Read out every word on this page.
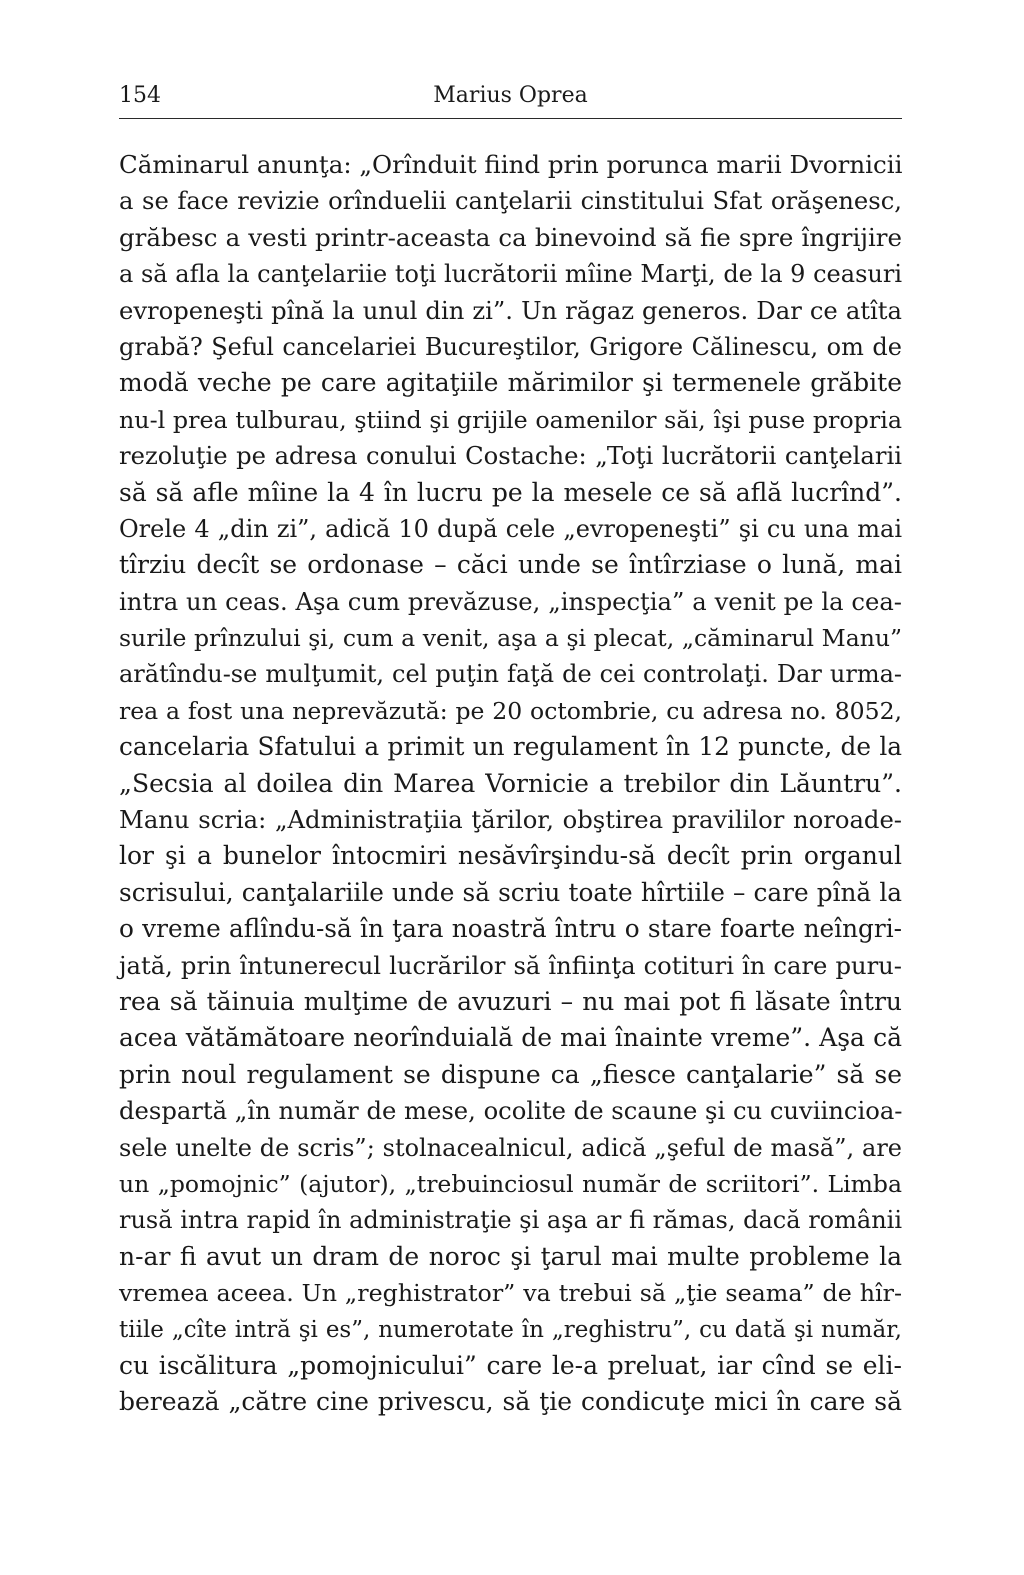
154	Marius Oprea
Căminarul anunţa: „Orînduit fiind prin porunca marii Dvornicii
a se face revizie orînduelii canţelarii cinstitului Sfat orăşenesc,
grăbesc a vesti printr-aceasta ca binevoind să fie spre îngrijire
a să afla la canţelariie toţi lucrătorii mîine Marţi, de la 9 ceasuri
evropeneşti pînă la unul din zi”. Un răgaz generos. Dar ce atîta
grabă? Şeful cancelariei Bucureştilor, Grigore Călinescu, om de
modă veche pe care agitaţiile mărimilor şi termenele grăbite
nu-l prea tulburau, ştiind şi grijile oamenilor săi, îşi puse propria
rezoluţie pe adresa conului Costache: „Toţi lucrătorii canţelarii
să să afle mîine la 4 în lucru pe la mesele ce să află lucrînd”.
Orele 4 „din zi”, adică 10 după cele „evropeneşti” şi cu una mai
tîrziu decît se ordonase – căci unde se întîrziase o lună, mai
intra un ceas. Aşa cum prevăzuse, „inspecţia” a venit pe la cea-
surile prînzului şi, cum a venit, aşa a şi plecat, „căminarul Manu”
arătîndu-se mulţumit, cel puţin faţă de cei controlaţi. Dar urma-
rea a fost una neprevăzută: pe 20 octombrie, cu adresa no. 8052,
cancelaria Sfatului a primit un regulament în 12 puncte, de la
„Secsia al doilea din Marea Vornicie a trebilor din Lăuntru”.
Manu scria: „Administraţiia ţărilor, obştirea pravililor noroade-
lor şi a bunelor întocmiri nesăvîrşindu-să decît prin organul
scrisului, canţalariile unde să scriu toate hîrtiile – care pînă la
o vreme aflîndu-să în ţara noastră întru o stare foarte neîngri-
jată, prin întunerecul lucrărilor să înfiinţa cotituri în care puru-
rea să tăinuia mulţime de avuzuri – nu mai pot fi lăsate întru
acea vătămătoare neorînduială de mai înainte vreme”. Aşa că
prin noul regulament se dispune ca „fiesce canţalarie” să se
despartă „în număr de mese, ocolite de scaune şi cu cuviincioa-
sele unelte de scris”; stolnacealnicul, adică „şeful de masă”, are
un „pomojnic” (ajutor), „trebuinciosul număr de scriitori”. Limba
rusă intra rapid în administraţie şi aşa ar fi rămas, dacă românii
n-ar fi avut un dram de noroc şi ţarul mai multe probleme la
vremea aceea. Un „reghistrator” va trebui să „ţie seama” de hîr-
tiile „cîte intră şi es”, numerotate în „reghistru”, cu dată şi număr,
cu iscălitura „pomojnicului” care le-a preluat, iar cînd se eli-
berează „către cine privescu, să ţie condicuţe mici în care să
